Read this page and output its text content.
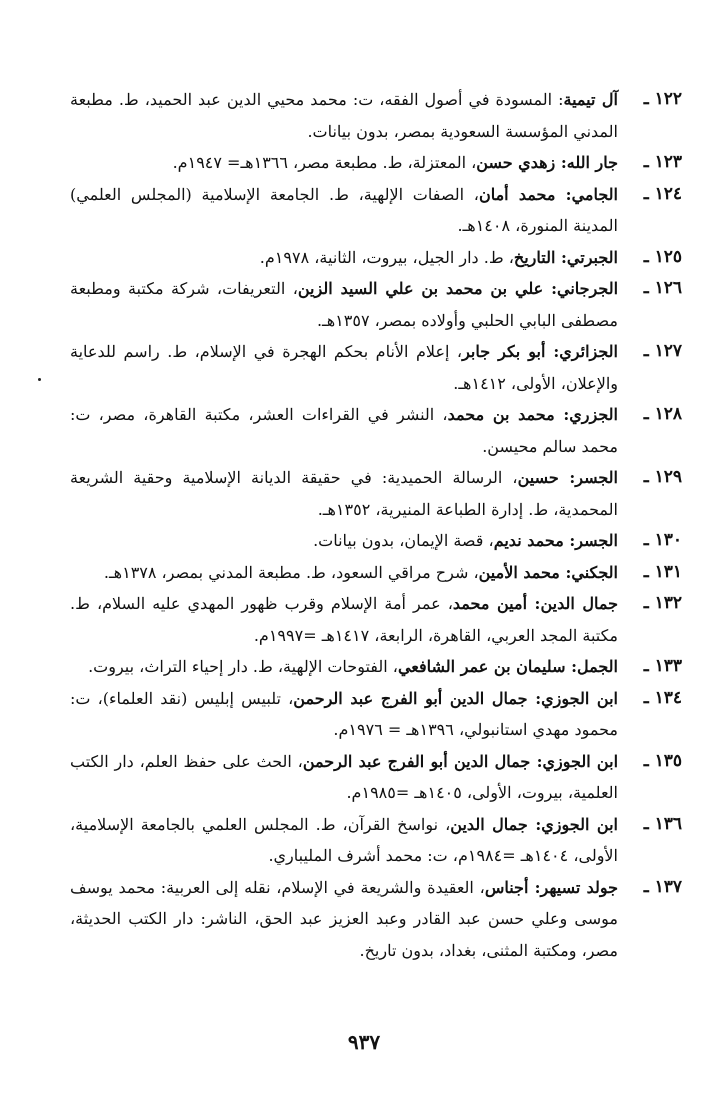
١٢٢ ـ

آل تيمية: المسودة في أصول الفقه، ت: محمد محيي الدين عبد الحميد، ط. مطبعة المدني المؤسسة السعودية بمصر، بدون بيانات.

١٢٣ ـ

جار الله: زهدي حسن، المعتزلة، ط. مطبعة مصر، ١٣٦٦هـ= ١٩٤٧م.

١٢٤ ـ

الجامي: محمد أمان، الصفات الإلهية، ط. الجامعة الإسلامية (المجلس العلمي) المدينة المنورة، ١٤٠٨هـ.

١٢٥ ـ

الجبرتي: التاريخ، ط. دار الجيل، بيروت، الثانية، ١٩٧٨م.

١٢٦ ـ

الجرجاني: علي بن محمد بن علي السيد الزين، التعريفات، شركة مكتبة ومطبعة مصطفى البابي الحلبي وأولاده بمصر، ١٣٥٧هـ.

١٢٧ ـ

الجزائري: أبو بكر جابر، إعلام الأنام بحكم الهجرة في الإسلام، ط. راسم للدعاية والإعلان، الأولى، ١٤١٢هـ.

١٢٨ ـ

الجزري: محمد بن محمد، النشر في القراءات العشر، مكتبة القاهرة، مصر، ت: محمد سالم محيسن.

١٢٩ ـ

الجسر: حسين، الرسالة الحميدية: في حقيقة الديانة الإسلامية وحقية الشريعة المحمدية، ط. إدارة الطباعة المنيرية، ١٣٥٢هـ.

١٣٠ ـ

الجسر: محمد نديم، قصة الإيمان، بدون بيانات.

١٣١ ـ

الجكني: محمد الأمين، شرح مراقي السعود، ط. مطبعة المدني بمصر، ١٣٧٨هـ.

١٣٢ ـ

جمال الدين: أمين محمد، عمر أمة الإسلام وقرب ظهور المهدي عليه السلام، ط. مكتبة المجد العربي، القاهرة، الرابعة، ١٤١٧هـ =١٩٩٧م.

١٣٣ ـ

الجمل: سليمان بن عمر الشافعي، الفتوحات الإلهية، ط. دار إحياء التراث، بيروت.

١٣٤ ـ

ابن الجوزي: جمال الدين أبو الفرج عبد الرحمن، تلبيس إبليس (نقد العلماء)، ت: محمود مهدي استانبولي، ١٣٩٦هـ = ١٩٧٦م.

١٣٥ ـ

ابن الجوزي: جمال الدين أبو الفرج عبد الرحمن، الحث على حفظ العلم، دار الكتب العلمية، بيروت، الأولى، ١٤٠٥هـ =١٩٨٥م.

١٣٦ ـ

ابن الجوزي: جمال الدين، نواسخ القرآن، ط. المجلس العلمي بالجامعة الإسلامية، الأولى، ١٤٠٤هـ =١٩٨٤م، ت: محمد أشرف المليباري.

١٣٧ ـ

جولد تسيهر: أجناس، العقيدة والشريعة في الإسلام، نقله إلى العربية: محمد يوسف موسى وعلي حسن عبد القادر وعبد العزيز عبد الحق، الناشر: دار الكتب الحديثة، مصر، ومكتبة المثنى، بغداد، بدون تاريخ.

٩٣٧
